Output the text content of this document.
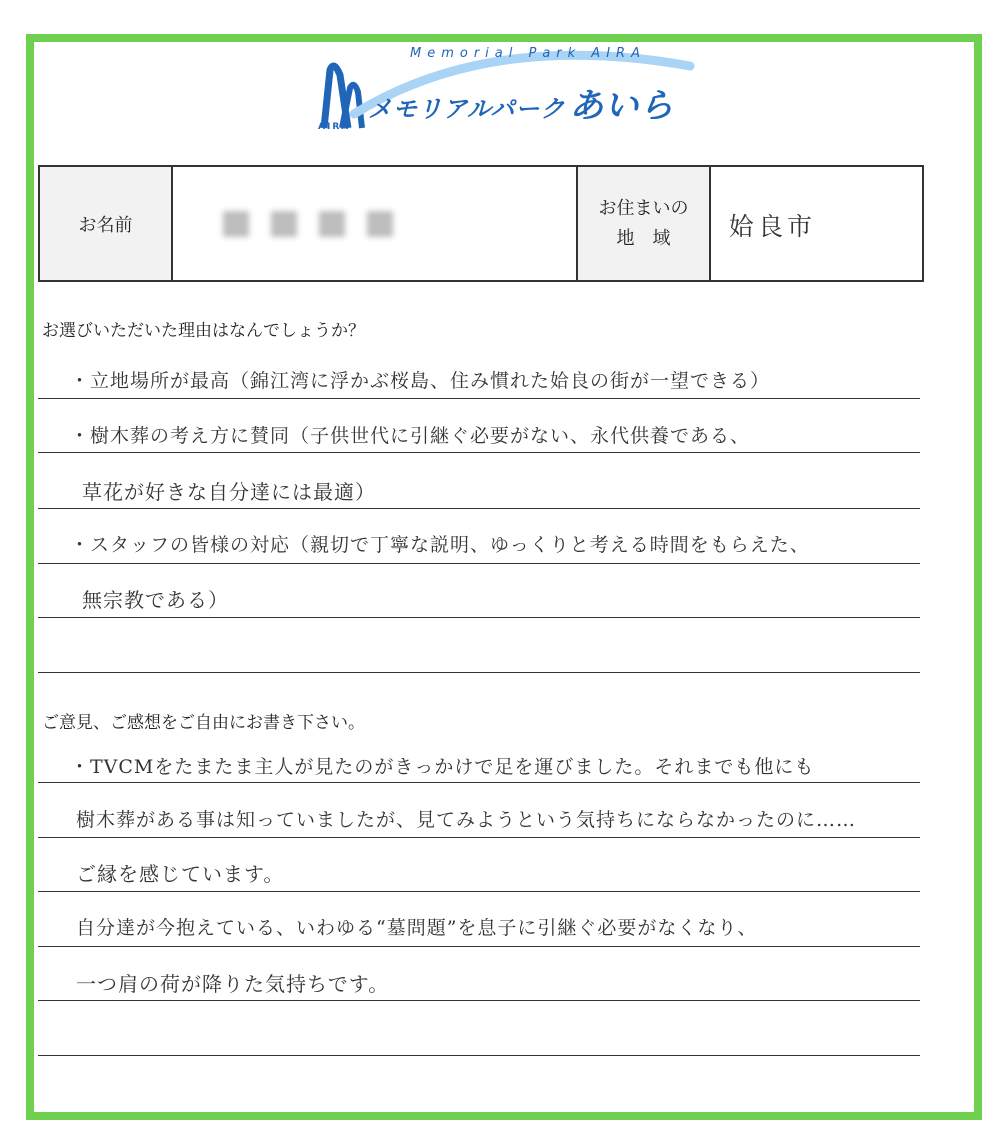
Memorial Park AIRA
メモリアルパーク あいら
AIRA
お名前
お住まいの
地　域 姶良市
お選びいただいた理由はなんでしょうか？
・立地場所が最高（錦江湾に浮かぶ桜島、住み慣れた姶良の街が一望できる）
・樹木葬の考え方に賛同（子供世代に引継ぐ必要がない、永代供養である、
草花が好きな自分達には最適）
・スタッフの皆様の対応（親切で丁寧な説明、ゆっくりと考える時間をもらえた、
無宗教である）
ご意見、ご感想をご自由にお書き下さい。
・TVCMをたまたま主人が見たのがきっかけで足を運びました。それまでも他にも
樹木葬がある事は知っていましたが、見てみようという気持ちにならなかったのに……
ご縁を感じています。
自分達が今抱えている、いわゆる“墓問題”を息子に引継ぐ必要がなくなり、
一つ肩の荷が降りた気持ちです。
